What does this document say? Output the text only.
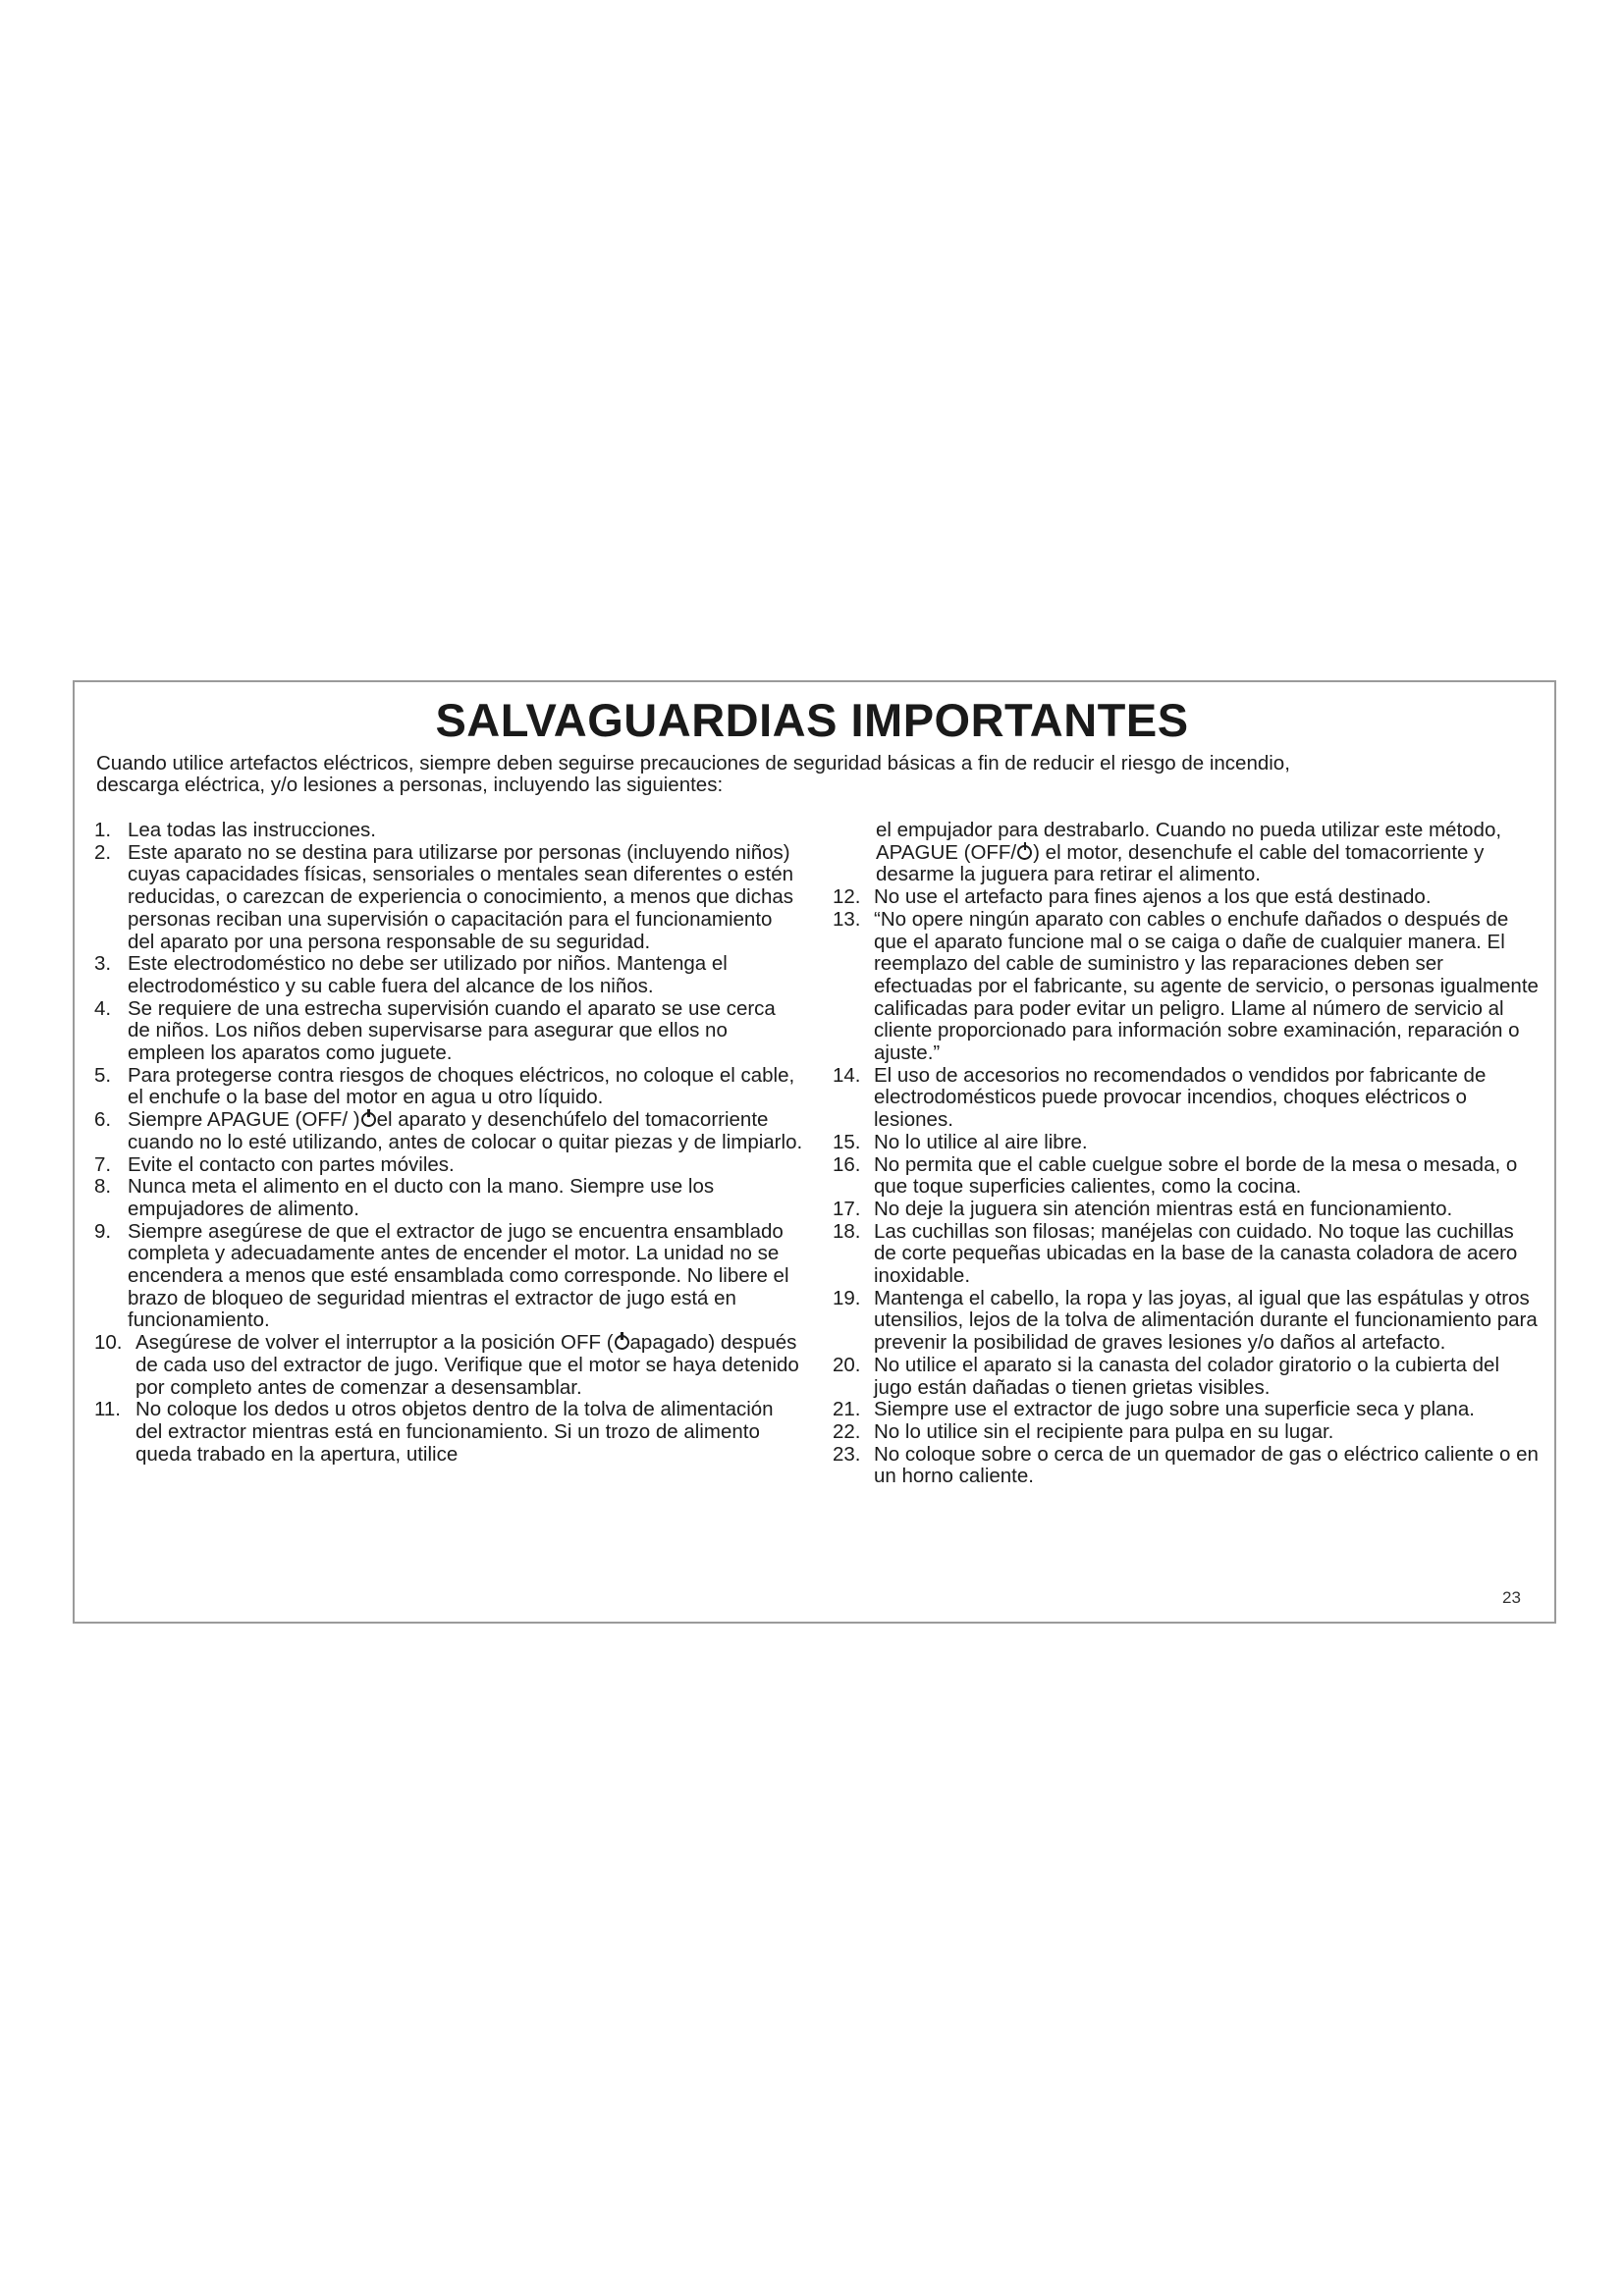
SALVAGUARDIAS IMPORTANTES
Cuando utilice artefactos eléctricos, siempre deben seguirse precauciones de seguridad básicas a fin de reducir el riesgo de incendio,
descarga eléctrica, y/o lesiones a personas, incluyendo las siguientes:
1. Lea todas las instrucciones.
2. Este aparato no se destina para utilizarse por personas (incluyendo niños) cuyas capacidades físicas, sensoriales o mentales sean diferentes o estén reducidas, o carezcan de experiencia o conocimiento, a menos que dichas personas reciban una supervisión o capacitación para el funcionamiento del aparato por una persona responsable de su seguridad.
3. Este electrodoméstico no debe ser utilizado por niños. Mantenga el electrodoméstico y su cable fuera del alcance de los niños.
4. Se requiere de una estrecha supervisión cuando el aparato se use cerca de niños. Los niños deben supervisarse para asegurar que ellos no empleen los aparatos como juguete.
5. Para protegerse contra riesgos de choques eléctricos, no coloque el cable, el enchufe o la base del motor en agua u otro líquido.
6. Siempre APAGUE (OFF/ ) el aparato y desenchúfelo del tomacorriente cuando no lo esté utilizando, antes de colocar o quitar piezas y de limpiarlo.
7. Evite el contacto con partes móviles.
8. Nunca meta el alimento en el ducto con la mano. Siempre use los empujadores de alimento.
9. Siempre asegúrese de que el extractor de jugo se encuentra ensamblado completa y adecuadamente antes de encender el motor. La unidad no se encendera a menos que esté ensamblada como corresponde. No libere el brazo de bloqueo de seguridad mientras el extractor de jugo está en funcionamiento.
10. Asegúrese de volver el interruptor a la posición OFF ( apagado) después de cada uso del extractor de jugo. Verifique que el motor se haya detenido por completo antes de comenzar a desensamblar.
11. No coloque los dedos u otros objetos dentro de la tolva de alimentación del extractor mientras está en funcionamiento. Si un trozo de alimento queda trabado en la apertura, utilice
el empujador para destrabarlo. Cuando no pueda utilizar este método, APAGUE (OFF/ ) el motor, desenchufe el cable del tomacorriente y desarme la juguera para retirar el alimento.
12. No use el artefacto para fines ajenos a los que está destinado.
13. “No opere ningún aparato con cables o enchufe dañados o después de que el aparato funcione mal o se caiga o dañe de cualquier manera. El reemplazo del cable de suministro y las reparaciones deben ser efectuadas por el fabricante, su agente de servicio, o personas igualmente calificadas para poder evitar un peligro. Llame al número de servicio al cliente proporcionado para información sobre examinación, reparación o ajuste.”
14. El uso de accesorios no recomendados o vendidos por fabricante de electrodomésticos puede provocar incendios, choques eléctricos o lesiones.
15. No lo utilice al aire libre.
16. No permita que el cable cuelgue sobre el borde de la mesa o mesada, o que toque superficies calientes, como la cocina.
17. No deje la juguera sin atención mientras está en funcionamiento.
18. Las cuchillas son filosas; manéjelas con cuidado. No toque las cuchillas de corte pequeñas ubicadas en la base de la canasta coladora de acero inoxidable.
19. Mantenga el cabello, la ropa y las joyas, al igual que las espátulas y otros utensilios, lejos de la tolva de alimentación durante el funcionamiento para prevenir la posibilidad de graves lesiones y/o daños al artefacto.
20. No utilice el aparato si la canasta del colador giratorio o la cubierta del jugo están dañadas o tienen grietas visibles.
21. Siempre use el extractor de jugo sobre una superficie seca y plana.
22. No lo utilice sin el recipiente para pulpa en su lugar.
23. No coloque sobre o cerca de un quemador de gas o eléctrico caliente o en un horno caliente.
23
